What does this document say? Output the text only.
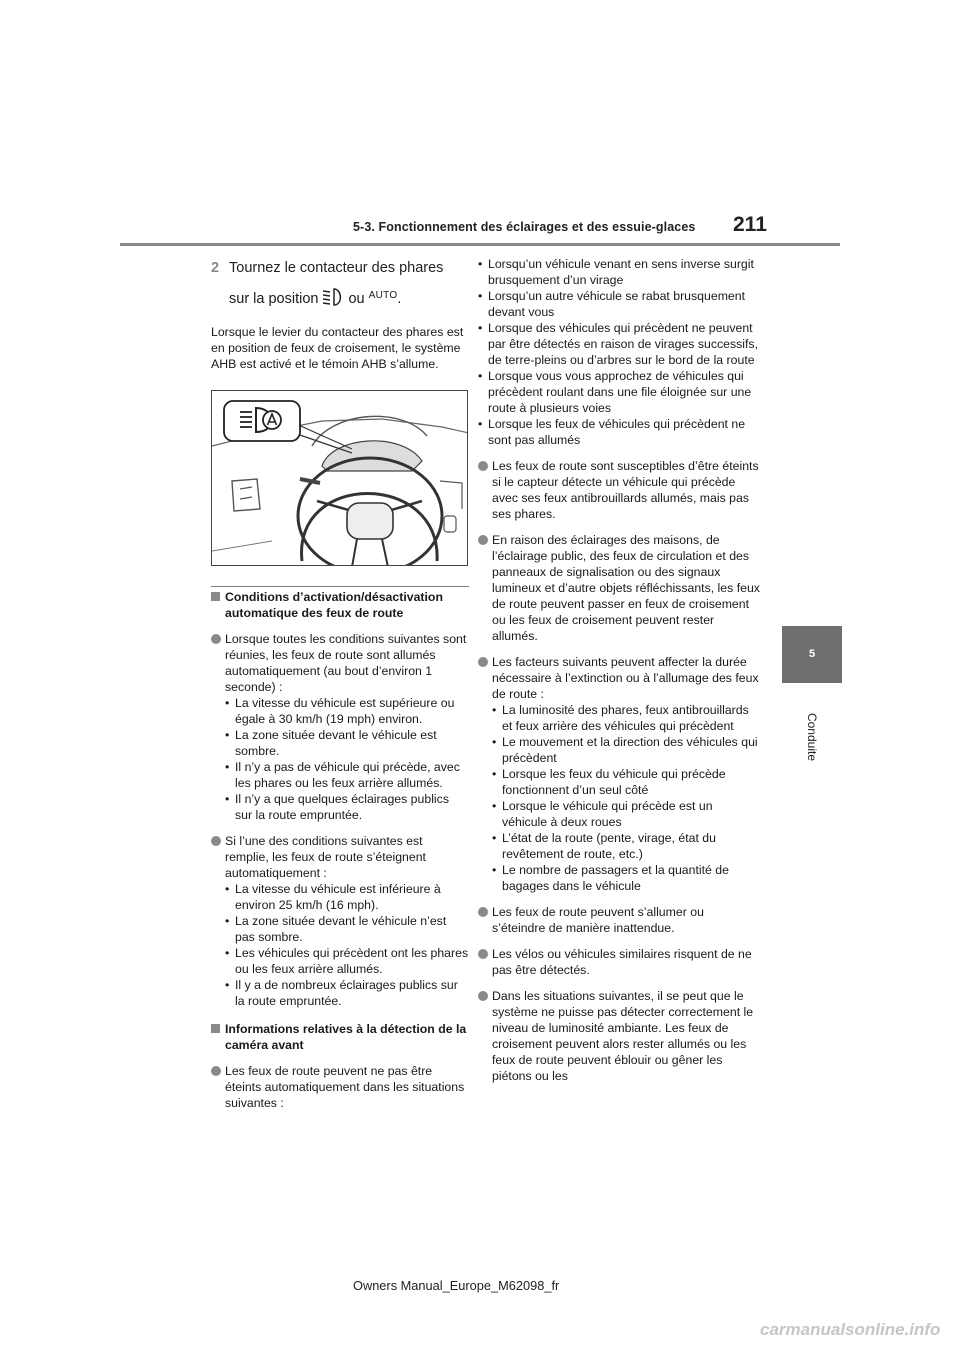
5-3. Fonctionnement des éclairages et des essuie-glaces 211
5
Conduite
2 Tournez le contacteur des phares
sur la position ou AUTO .

Lorsque le levier du contacteur des phares est en position de feux de croisement, le système AHB est activé et le témoin AHB s’allume.

Conditions d’activation/désactivation automatique des feux de route
Lorsque toutes les conditions suivantes sont réunies, les feux de route sont allumés automatiquement (au bout d’environ 1 seconde) :
• La vitesse du véhicule est supérieure ou égale à 30 km/h (19 mph) environ.
• La zone située devant le véhicule est sombre.
• Il n’y a pas de véhicule qui précède, avec les phares ou les feux arrière allumés.
• Il n’y a que quelques éclairages publics sur la route empruntée.
Si l’une des conditions suivantes est remplie, les feux de route s’éteignent automatiquement :
• La vitesse du véhicule est inférieure à environ 25 km/h (16 mph).
• La zone située devant le véhicule n’est pas sombre.
• Les véhicules qui précèdent ont les phares ou les feux arrière allumés.
• Il y a de nombreux éclairages publics sur la route empruntée.
Informations relatives à la détection de la caméra avant
Les feux de route peuvent ne pas être éteints automatiquement dans les situations suivantes :
• Lorsqu’un véhicule venant en sens inverse surgit brusquement d’un virage
• Lorsqu’un autre véhicule se rabat brusquement devant vous
• Lorsque des véhicules qui précèdent ne peuvent par être détectés en raison de virages successifs, de terre-pleins ou d’arbres sur le bord de la route
• Lorsque vous vous approchez de véhicules qui précèdent roulant dans une file éloignée sur une route à plusieurs voies
• Lorsque les feux de véhicules qui précèdent ne sont pas allumés
Les feux de route sont susceptibles d’être éteints si le capteur détecte un véhicule qui précède avec ses feux antibrouillards allumés, mais pas ses phares.
En raison des éclairages des maisons, de l’éclairage public, des feux de circulation et des panneaux de signalisation ou des signaux lumineux et d’autre objets réfléchissants, les feux de route peuvent passer en feux de croisement ou les feux de croisement peuvent rester allumés.
Les facteurs suivants peuvent affecter la durée nécessaire à l’extinction ou à l’allumage des feux de route :
• La luminosité des phares, feux antibrouillards et feux arrière des véhicules qui précèdent
• Le mouvement et la direction des véhicules qui précèdent
• Lorsque les feux du véhicule qui précède fonctionnent d’un seul côté
• Lorsque le véhicule qui précède est un véhicule à deux roues
• L’état de la route (pente, virage, état du revêtement de route, etc.)
• Le nombre de passagers et la quantité de bagages dans le véhicule
Les feux de route peuvent s’allumer ou s’éteindre de manière inattendue.
Les vélos ou véhicules similaires risquent de ne pas être détectés.
Dans les situations suivantes, il se peut que le système ne puisse pas détecter correctement le niveau de luminosité ambiante. Les feux de croisement peuvent alors rester allumés ou les feux de route peuvent éblouir ou gêner les piétons ou les
Owners Manual_Europe_M62098_fr
carmanualsonline.info
